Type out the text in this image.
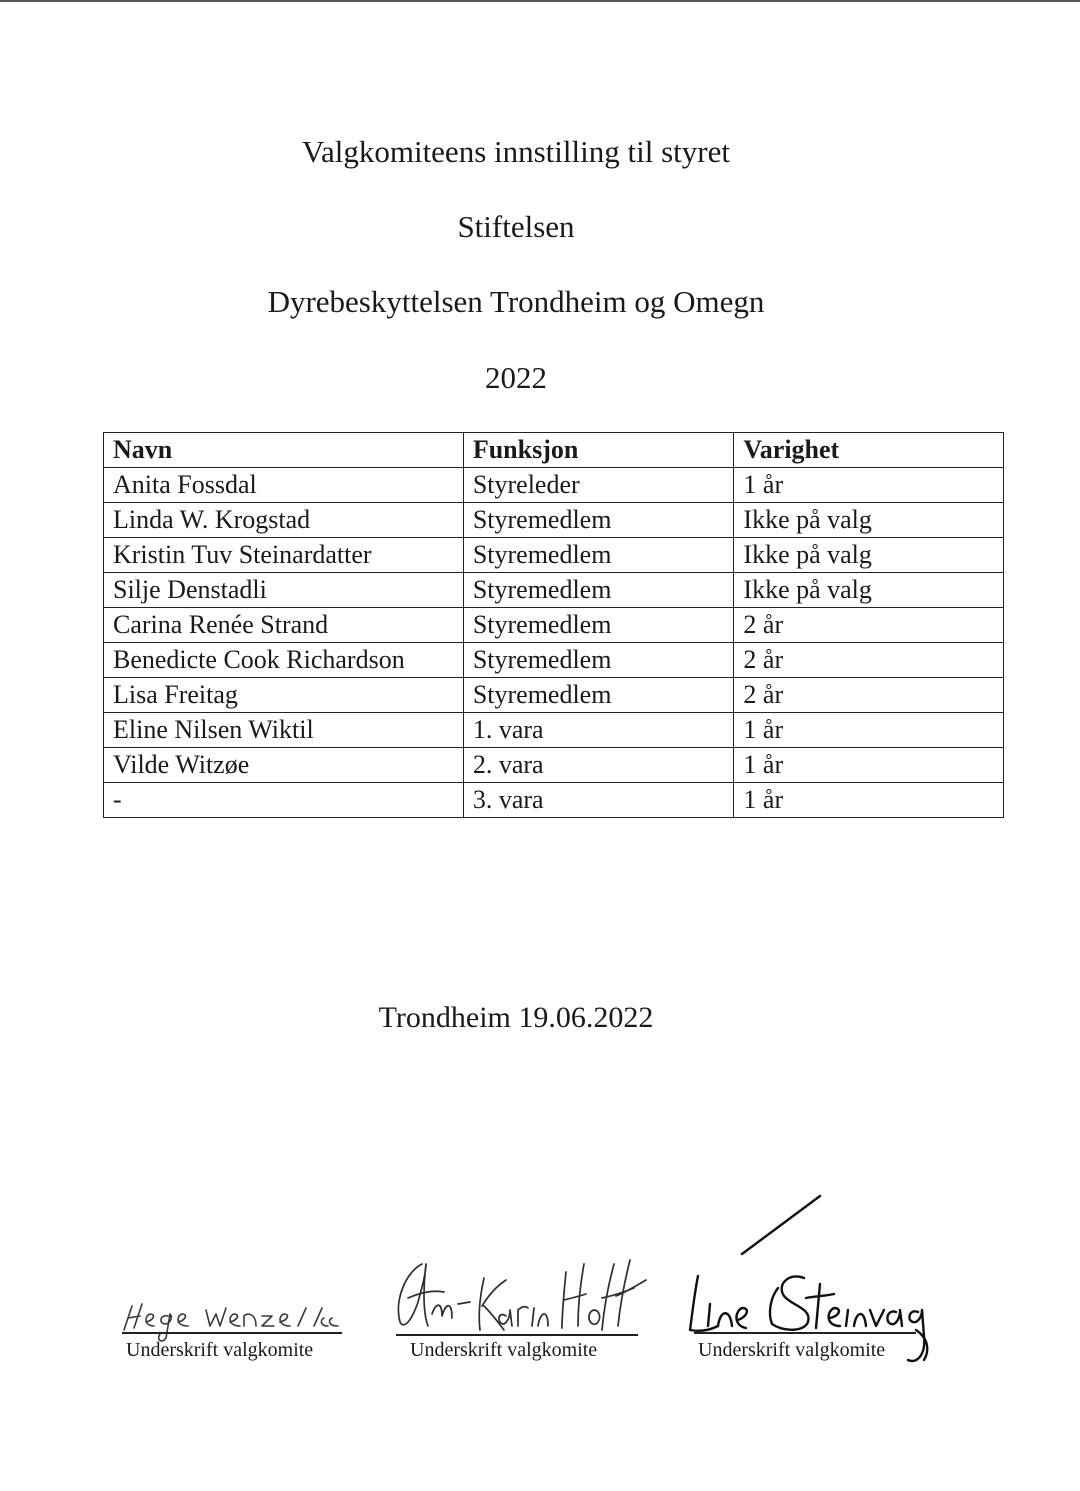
Valgkomiteens innstilling til styret
Stiftelsen
Dyrebeskyttelsen Trondheim og Omegn
2022
Navn	Funksjon	Varighet
Anita Fossdal	Styreleder	1 år
Linda W. Krogstad	Styremedlem	Ikke på valg
Kristin Tuv Steinardatter	Styremedlem	Ikke på valg
Silje Denstadli	Styremedlem	Ikke på valg
Carina Renée Strand	Styremedlem	2 år
Benedicte Cook Richardson	Styremedlem	2 år
Lisa Freitag	Styremedlem	2 år
Eline Nilsen Wiktil	1. vara	1 år
Vilde Witzøe	2. vara	1 år
-	3. vara	1 år
Trondheim 19.06.2022
Underskrift valgkomite	Underskrift valgkomite	Underskrift valgkomite
